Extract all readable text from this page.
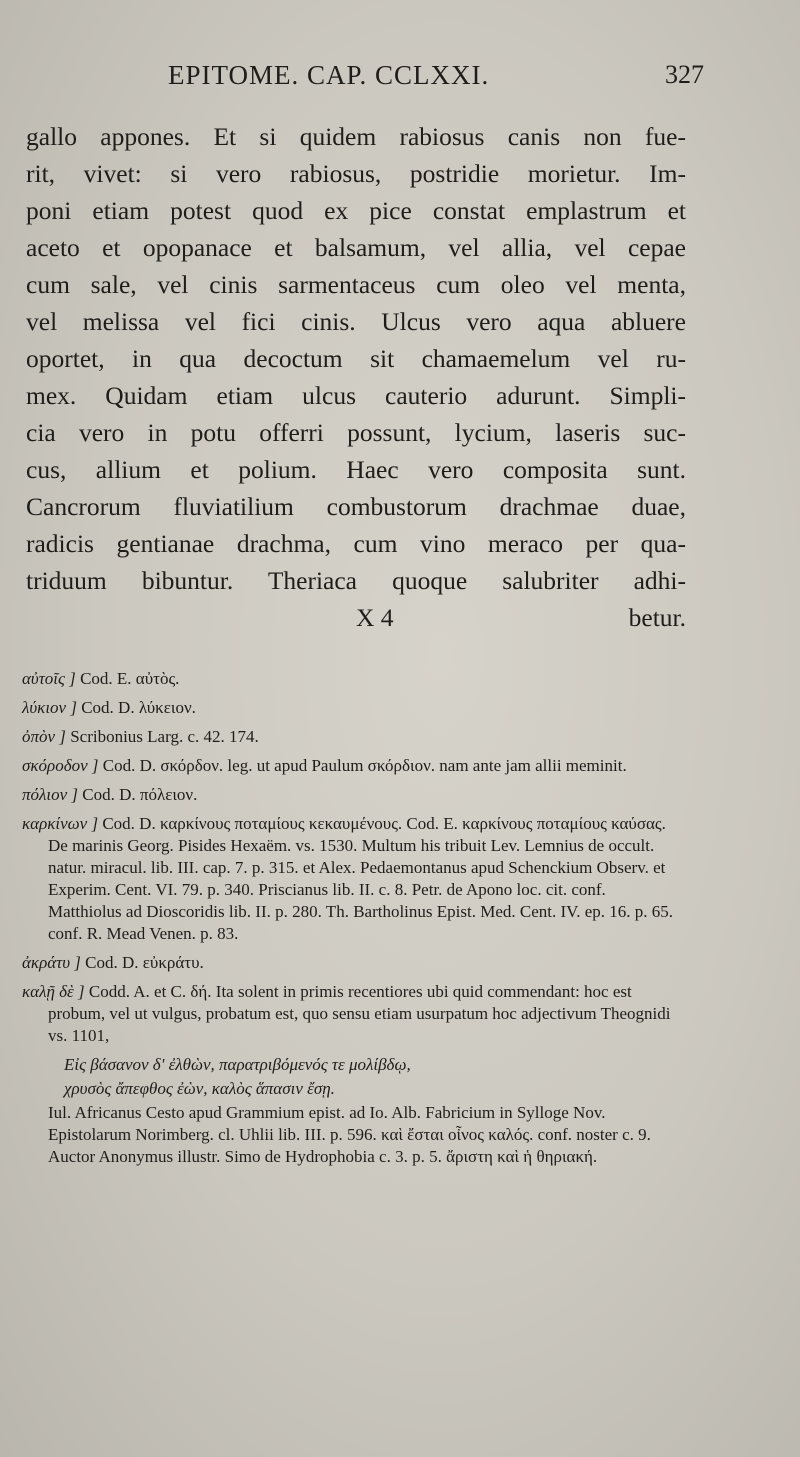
EPITOME. CAP. CCLXXI.	327
gallo appones. Et si quidem rabiosus canis non fue-
rit, vivet: si vero rabiosus, postridie morietur. Im-
poni etiam potest quod ex pice constat emplastrum et
aceto et opopanace et balsamum, vel allia, vel cepae
cum sale, vel cinis sarmentaceus cum oleo vel menta,
vel melissa vel fici cinis. Ulcus vero aqua abluere
oportet, in qua decoctum sit chamaemelum vel ru-
mex. Quidam etiam ulcus cauterio adurunt. Simpli-
cia vero in potu offerri possunt, lycium, laseris suc-
cus, allium et polium. Haec vero composita sunt.
Cancrorum fluviatilium combustorum drachmae duae,
radicis gentianae drachma, cum vino meraco per qua-
triduum bibuntur. Theriaca quoque salubriter adhi-
X 4	betur.
αὐτοῖς ] Cod. E. αὐτὸς.
λύκιον ] Cod. D. λύκειον.
ὀπὸν ] Scribonius Larg. c. 42. 174.
σκόροδον ] Cod. D. σκόρδον. leg. ut apud Paulum σκόρδιον. nam ante jam allii meminit.
πόλιον ] Cod. D. πόλειον.
καρκίνων ] Cod. D. καρκίνους ποταμίους κεκαυμένους. Cod. E. καρκίνους ποταμίους καύσας. De marinis Georg. Pisides Hexaëm. vs. 1530. Multum his tribuit Lev. Lemnius de occult. natur. miracul. lib. III. cap. 7. p. 315. et Alex. Pedaemontanus apud Schenckium Observ. et Experim. Cent. VI. 79. p. 340. Priscianus lib. II. c. 8. Petr. de Apono loc. cit. conf. Matthiolus ad Dioscoridis lib. II. p. 280. Th. Bartholinus Epist. Med. Cent. IV. ep. 16. p. 65. conf. R. Mead Venen. p. 83.
ἀκράτυ ] Cod. D. εὐκράτυ.
καλῇ δὲ ] Codd. A. et C. δή. Ita solent in primis recentiores ubi quid commendant: hoc est probum, vel ut vulgus, probatum est, quo sensu etiam usurpatum hoc adjectivum Theognidi vs. 1101,
Εἰς βάσανον δ' ἐλθὼν, παρατριβόμενός τε μολίβδῳ,
χρυσὸς ἄπεφθος ἐὼν, καλὸς ἅπασιν ἔσῃ.
Iul. Africanus Cesto apud Grammium epist. ad Io. Alb. Fabricium in Sylloge Nov. Epistolarum Norimberg. cl. Uhlii lib. III. p. 596. καὶ ἔσται οἶνος καλός. conf. noster c. 9. Auctor Anonymus illustr. Simo de Hydrophobia c. 3. p. 5. ἄριστη καὶ ἡ θηριακή.
